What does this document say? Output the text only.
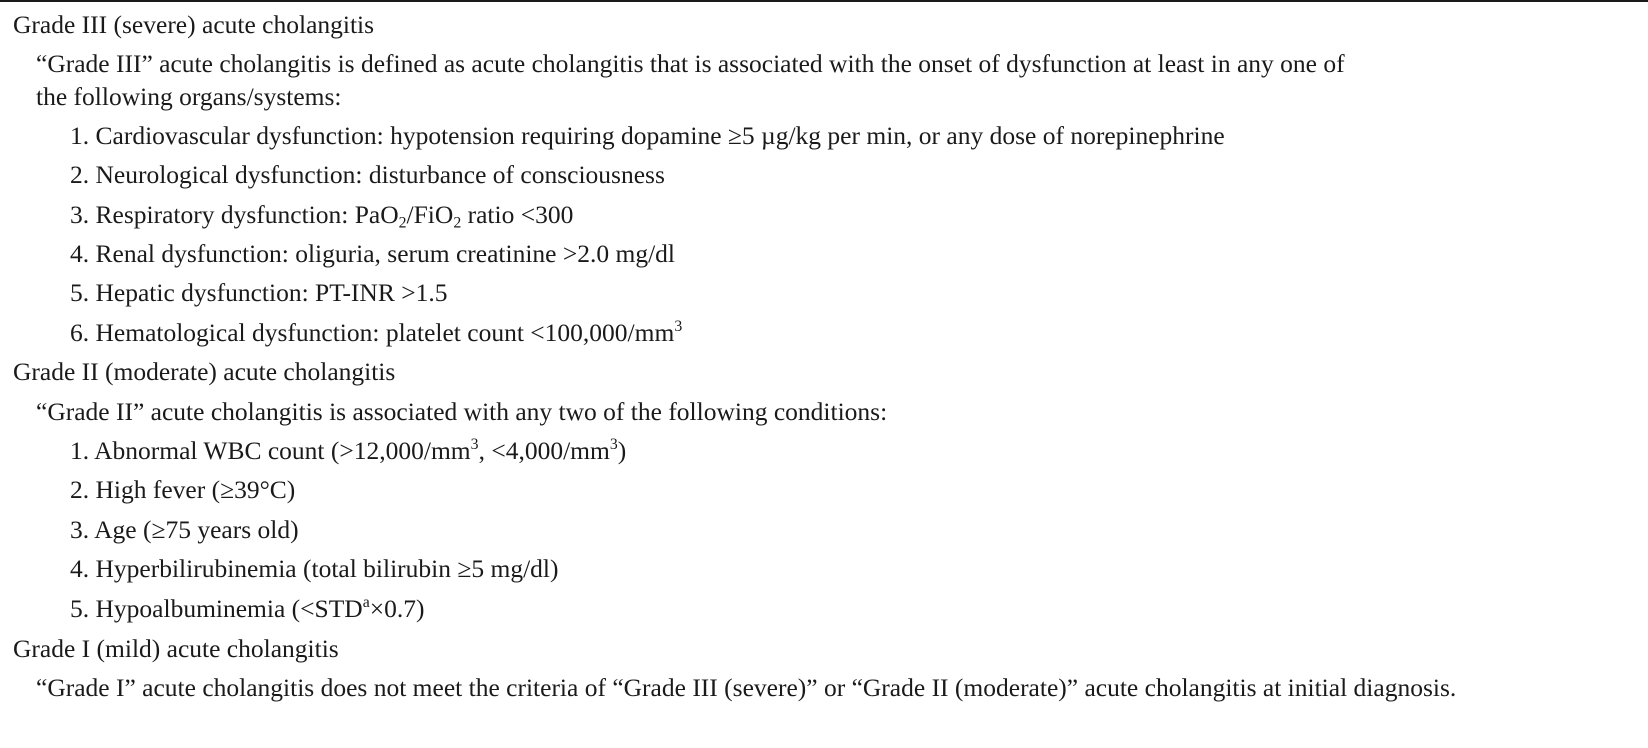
Grade III (severe) acute cholangitis
“Grade III” acute cholangitis is defined as acute cholangitis that is associated with the onset of dysfunction at least in any one of
the following organs/systems:
1. Cardiovascular dysfunction: hypotension requiring dopamine ≥5 µg/kg per min, or any dose of norepinephrine
2. Neurological dysfunction: disturbance of consciousness
3. Respiratory dysfunction: PaO$_2$/FiO$_2$ ratio <300
4. Renal dysfunction: oliguria, serum creatinine >2.0 mg/dl
5. Hepatic dysfunction: PT-INR >1.5
6. Hematological dysfunction: platelet count $<100,000/mm^3$
Grade II (moderate) acute cholangitis
“Grade II” acute cholangitis is associated with any two of the following conditions:
1. Abnormal WBC count ($>12,000/mm^3$, $<4,000/mm^3$)
2. High fever (≥39°C)
3. Age (≥75 years old)
4. Hyperbilirubinemia (total bilirubin ≥5 mg/dl)
5. Hypoalbuminemia $(<STD^a\times 0.7)$
Grade I (mild) acute cholangitis
“Grade I” acute cholangitis does not meet the criteria of “Grade III (severe)” or “Grade II (moderate)” acute cholangitis at initial diagnosis.
